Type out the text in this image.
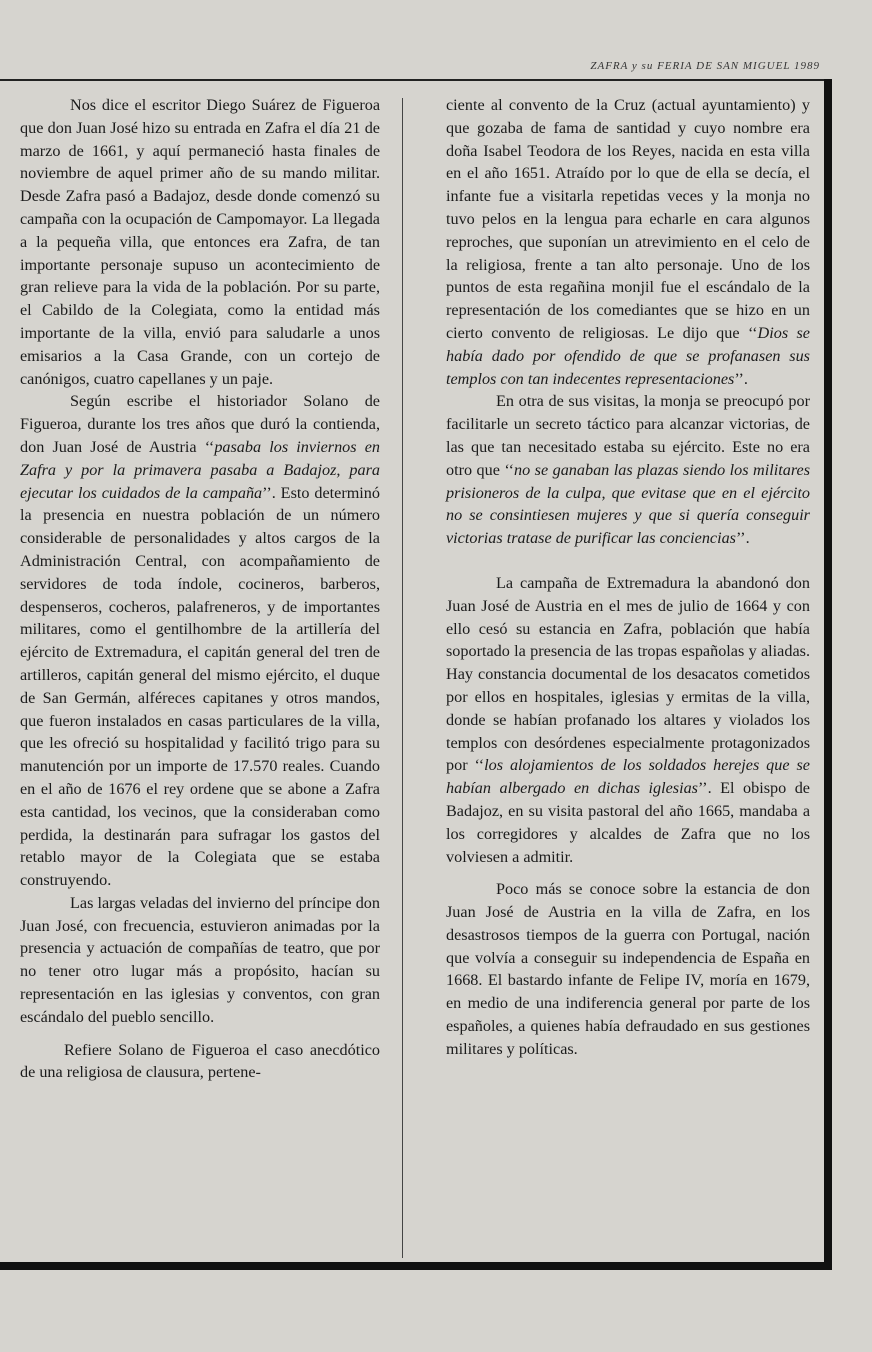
ZAFRA y su FERIA DE SAN MIGUEL 1989

Nos dice el escritor Diego Suárez de Figueroa que don Juan José hizo su entrada en Zafra el día 21 de marzo de 1661, y aquí permaneció hasta finales de noviembre de aquel primer año de su mando militar. Desde Zafra pasó a Badajoz, desde donde comenzó su campaña con la ocupación de Campomayor. La llegada a la pequeña villa, que entonces era Zafra, de tan importante personaje supuso un acontecimiento de gran relieve para la vida de la población. Por su parte, el Cabildo de la Colegiata, como la entidad más importante de la villa, envió para saludarle a unos emisarios a la Casa Grande, con un cortejo de canónigos, cuatro capellanes y un paje.

Según escribe el historiador Solano de Figueroa, durante los tres años que duró la contienda, don Juan José de Austria ‘‘pasaba los inviernos en Zafra y por la primavera pasaba a Badajoz, para ejecutar los cuidados de la campaña’’. Esto determinó la presencia en nuestra población de un número considerable de personalidades y altos cargos de la Administración Central, con acompañamiento de servidores de toda índole, cocineros, barberos, despenseros, cocheros, palafreneros, y de importantes militares, como el gentilhombre de la artillería del ejército de Extremadura, el capitán general del tren de artilleros, capitán general del mismo ejército, el duque de San Germán, alféreces capitanes y otros mandos, que fueron instalados en casas particulares de la villa, que les ofreció su hospitalidad y facilitó trigo para su manutención por un importe de 17.570 reales. Cuando en el año de 1676 el rey ordene que se abone a Zafra esta cantidad, los vecinos, que la consideraban como perdida, la destinarán para sufragar los gastos del retablo mayor de la Colegiata que se estaba construyendo.

Las largas veladas del invierno del príncipe don Juan José, con frecuencia, estuvieron animadas por la presencia y actuación de compañías de teatro, que por no tener otro lugar más a propósito, hacían su representación en las iglesias y conventos, con gran escándalo del pueblo sencillo.

Refiere Solano de Figueroa el caso anecdótico de una religiosa de clausura, pertene-

ciente al convento de la Cruz (actual ayuntamiento) y que gozaba de fama de santidad y cuyo nombre era doña Isabel Teodora de los Reyes, nacida en esta villa en el año 1651. Atraído por lo que de ella se decía, el infante fue a visitarla repetidas veces y la monja no tuvo pelos en la lengua para echarle en cara algunos reproches, que suponían un atrevimiento en el celo de la religiosa, frente a tan alto personaje. Uno de los puntos de esta regañina monjil fue el escándalo de la representación de los comediantes que se hizo en un cierto convento de religiosas. Le dijo que ‘‘Dios se había dado por ofendido de que se profanasen sus templos con tan indecentes representaciones’’.

En otra de sus visitas, la monja se preocupó por facilitarle un secreto táctico para alcanzar victorias, de las que tan necesitado estaba su ejército. Este no era otro que ‘‘no se ganaban las plazas siendo los militares prisioneros de la culpa, que evitase que en el ejército no se consintiesen mujeres y que si quería conseguir victorias tratase de purificar las conciencias’’.

La campaña de Extremadura la abandonó don Juan José de Austria en el mes de julio de 1664 y con ello cesó su estancia en Zafra, población que había soportado la presencia de las tropas españolas y aliadas. Hay constancia documental de los desacatos cometidos por ellos en hospitales, iglesias y ermitas de la villa, donde se habían profanado los altares y violados los templos con desórdenes especialmente protagonizados por ‘‘los alojamientos de los soldados herejes que se habían albergado en dichas iglesias’’. El obispo de Badajoz, en su visita pastoral del año 1665, mandaba a los corregidores y alcaldes de Zafra que no los volviesen a admitir.

Poco más se conoce sobre la estancia de don Juan José de Austria en la villa de Zafra, en los desastrosos tiempos de la guerra con Portugal, nación que volvía a conseguir su independencia de España en 1668. El bastardo infante de Felipe IV, moría en 1679, en medio de una indiferencia general por parte de los españoles, a quienes había defraudado en sus gestiones militares y políticas.
